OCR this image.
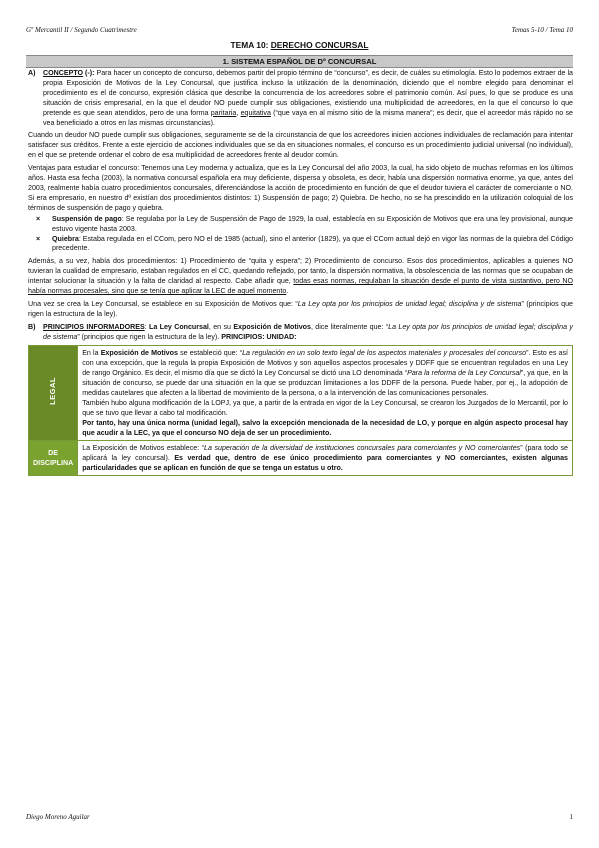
Gº Mercantil II / Segundo Cuatrimestre	Temas 5-10 / Tema 10
TEMA 10: DERECHO CONCURSAL
1. SISTEMA ESPAÑOL DE Dº CONCURSAL

A) CONCEPTO (-): Para hacer un concepto de concurso, debemos partir del propio término de “concurso”, es decir, de cuáles su etimología. Esto lo podemos extraer de la propia Exposición de Motivos de la Ley Concursal, que justifica incluso la utilización de la denominación, diciendo que el nombre elegido para denominar el procedimiento es el de concurso, expresión clásica que describe la concurrencia de los acreedores sobre el patrimonio común. Así pues, lo que se produce es una situación de crisis empresarial, en la que el deudor NO puede cumplir sus obligaciones, existiendo una multiplicidad de acreedores, en la que el concurso lo que pretende es que sean atendidos, pero de una forma paritaria, equitativa (“que vaya en al mismo sitio de la misma manera”; es decir, que el acreedor más rápido no se vea beneficiado a otros en las mismas circunstancias).

Cuando un deudor NO puede cumplir sus obligaciones, seguramente se de la circunstancia de que los acreedores inicien acciones individuales de reclamación para intentar satisfacer sus créditos. Frente a este ejercicio de acciones individuales que se da en situaciones normales, el concurso es un procedimiento judicial universal (no individual), en el que se pretende ordenar el cobro de esa multiplicidad de acreedores frente al deudor común.

Ventajas para estudiar el concurso: Tenemos una Ley moderna y actualiza, que es la Ley Concursal del año 2003, la cual, ha sido objeto de muchas reformas en los últimos años. Hasta esa fecha (2003), la normativa concursal española era muy deficiente, dispersa y obsoleta, es decir, había una dispersión normativa enorme, ya que, antes del 2003, realmente había cuatro procedimientos concursales, diferenciándose la acción de procedimiento en función de que el deudor tuviera el carácter de comerciante o NO. Si era empresario, en nuestro dº existían dos procedimientos distintos: 1) Suspensión de pago; 2) Quiebra. De hecho, no se ha prescindido en la utilización coloquial de los términos de suspensión de pago y quiebra.

× Suspensión de pago: Se regulaba por la Ley de Suspensión de Pago de 1929, la cual, establecía en su Exposición de Motivos que era una ley provisional, aunque estuvo vigente hasta 2003.
× Quiebra: Estaba regulada en el CCom, pero NO el de 1985 (actual), sino el anterior (1829), ya que el CCom actual dejó en vigor las normas de la quiebra del Código precedente.

Además, a su vez, había dos procedimientos: 1) Procedimiento de “quita y espera”; 2) Procedimiento de concurso. Esos dos procedimientos, aplicables a quienes NO tuvieran la cualidad de empresario, estaban regulados en el CC, quedando reflejado, por tanto, la dispersión normativa, la obsolescencia de las normas que se ocupaban de intentar solucionar la situación y la falta de claridad al respecto. Cabe añadir que, todas esas normas, regulaban la situación desde el punto de vista sustantivo, pero NO había normas procesales, sino que se tenía que aplicar la LEC de aquel momento.

Una vez se crea la Ley Concursal, se establece en su Exposición de Motivos que: “La Ley opta por los principios de unidad legal; disciplina y de sistema” (principios que rigen la estructura de la ley).

B) PRINCIPIOS INFORMADORES: La Ley Concursal, en su Exposición de Motivos, dice literalmente que: “La Ley opta por los principios de unidad legal; disciplina y de sistema” (principios que rigen la estructura de la ley). PRINCIPIOS: UNIDAD:

LEGAL	En la Exposición de Motivos se estableció que: “La regulación en un solo texto legal de los aspectos materiales y procesales del concurso”. Esto es así con una excepción, que la regula la propia Exposición de Motivos y son aquellos aspectos procesales y DDFF que se encuentran regulados en una Ley de rango Orgánico. Es decir, el mismo día que se dictó la Ley Concursal se dictó una LO denominada “Para la reforma de la Ley Concursal”, ya que, en la situación de concurso, se puede dar una situación en la que se produzcan limitaciones a los DDFF de la persona. Puede haber, por ej., la adopción de medidas cautelares que afecten a la libertad de movimiento de la persona, o a la intervención de las comunicaciones personales.
También hubo alguna modificación de la LOPJ, ya que, a partir de la entrada en vigor de la Ley Concursal, se crearon los Juzgados de lo Mercantil, por lo que se tuvo que llevar a cabo tal modificación.
Por tanto, hay una única norma (unidad legal), salvo la excepción mencionada de la necesidad de LO, y porque en algún aspecto procesal hay que acudir a la LEC, ya que el concurso NO deja de ser un procedimiento.

DE DISCIPLINA	La Exposición de Motivos establece: “La superación de la diversidad de instituciones concursales para comerciantes y NO comerciantes” (para todo se aplicará la ley concursal). Es verdad que, dentro de ese único procedimiento para comerciantes y NO comerciantes, existen algunas particularidades que se aplican en función de que se tenga un estatus u otro.
Diego Moreno Aguilar	1
